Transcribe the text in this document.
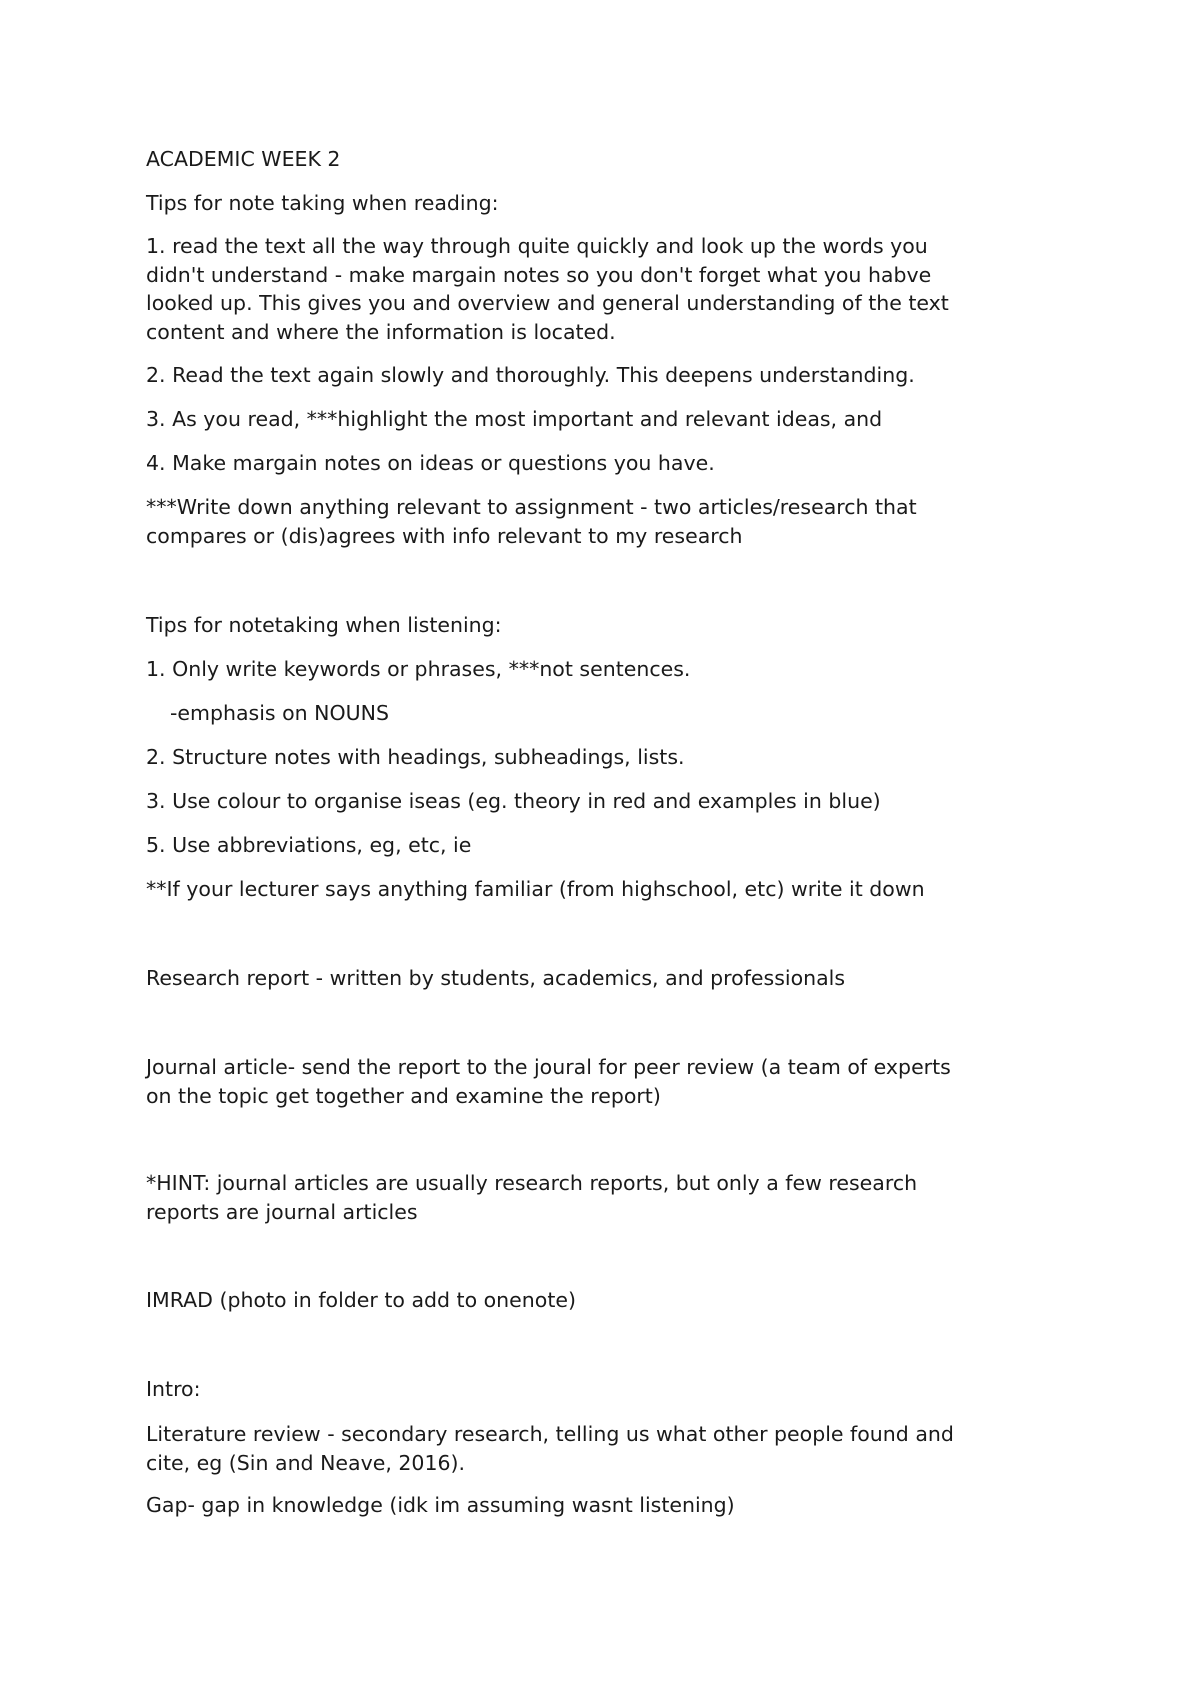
ACADEMIC WEEK 2

Tips for note taking when reading:

1. read the text all the way through quite quickly and look up the words you
didn't understand - make margain notes so you don't forget what you habve
looked up. This gives you and overview and general understanding of the text
content and where the information is located.

2. Read the text again slowly and thoroughly. This deepens understanding.

3. As you read, ***highlight the most important and relevant ideas, and

4. Make margain notes on ideas or questions you have.

***Write down anything relevant to assignment - two articles/research that
compares or (dis)agrees with info relevant to my research

Tips for notetaking when listening:

1. Only write keywords or phrases, ***not sentences.

-emphasis on NOUNS

2. Structure notes with headings, subheadings, lists.

3. Use colour to organise iseas (eg. theory in red and examples in blue)

5. Use abbreviations, eg, etc, ie

**If your lecturer says anything familiar (from highschool, etc) write it down

Research report - written by students, academics, and professionals

Journal article- send the report to the joural for peer review (a team of experts
on the topic get together and examine the report)

*HINT: journal articles are usually research reports, but only a few research
reports are journal articles

IMRAD (photo in folder to add to onenote)

Intro:

Literature review - secondary research, telling us what other people found and
cite, eg (Sin and Neave, 2016).

Gap- gap in knowledge (idk im assuming wasnt listening)
